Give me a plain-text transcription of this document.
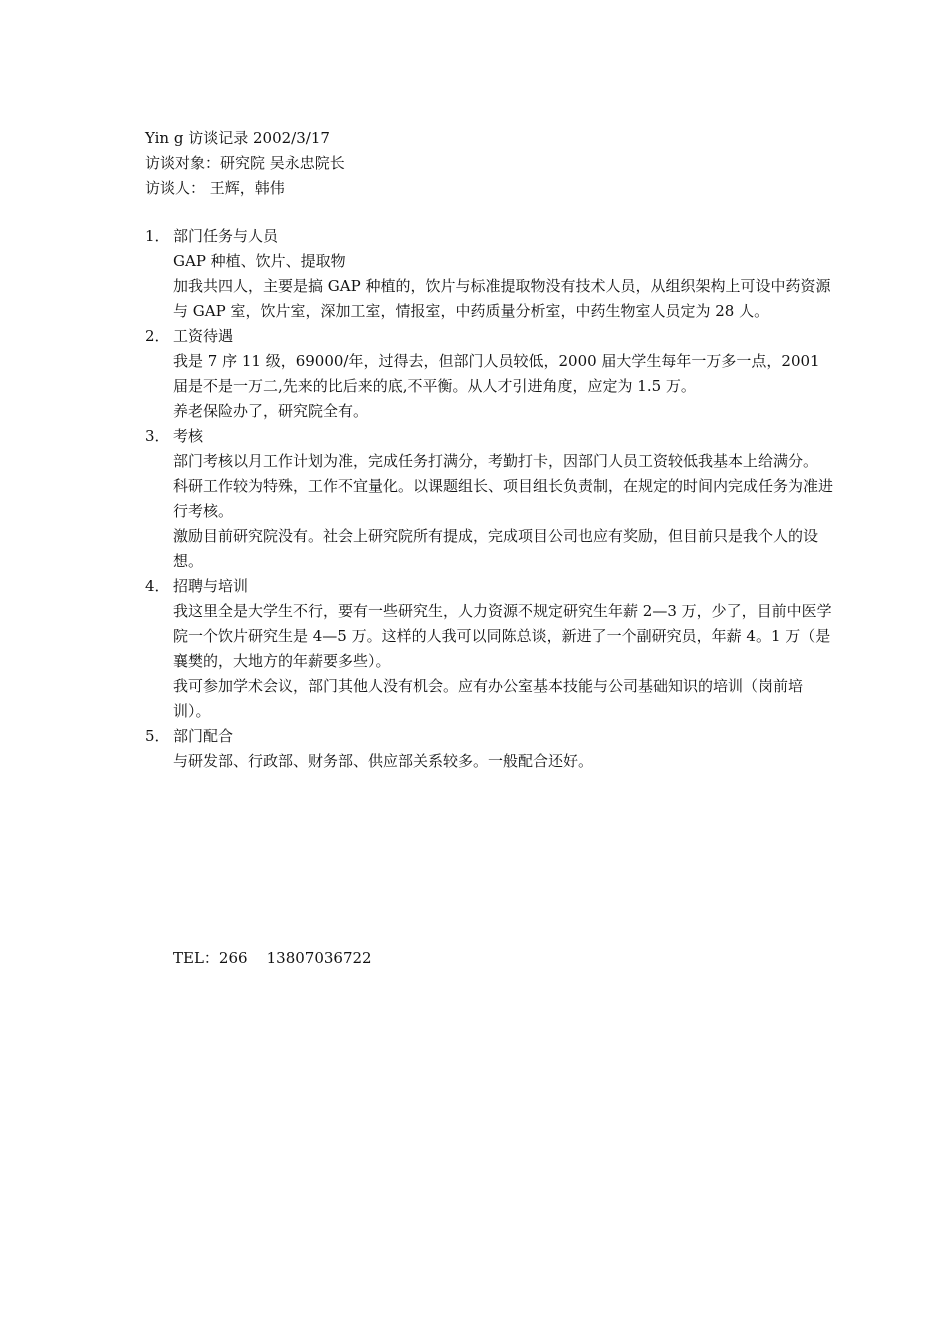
Yin g 访谈记录 2002/3/17
访谈对象：研究院 吴永忠院长
访谈人： 王辉，韩伟
1． 部门任务与人员
GAP 种植、饮片、提取物
加我共四人，主要是搞 GAP 种植的，饮片与标准提取物没有技术人员，从组织架构上可设中药资源与 GAP 室，饮片室，深加工室，情报室，中药质量分析室，中药生物室人员定为 28 人。
2． 工资待遇
我是 7 序 11 级，69000/年，过得去，但部门人员较低，2000 届大学生每年一万多一点，2001 届是不是一万二,先来的比后来的底,不平衡。从人才引进角度，应定为 1.5 万。
养老保险办了，研究院全有。
3． 考核
部门考核以月工作计划为准，完成任务打满分，考勤打卡，因部门人员工资较低我基本上给满分。
科研工作较为特殊，工作不宜量化。以课题组长、项目组长负责制，在规定的时间内完成任务为准进行考核。
激励目前研究院没有。社会上研究院所有提成，完成项目公司也应有奖励，但目前只是我个人的设想。
4． 招聘与培训
我这里全是大学生不行，要有一些研究生，人力资源不规定研究生年薪 2—3 万，少了，目前中医学院一个饮片研究生是 4—5 万。这样的人我可以同陈总谈，新进了一个副研究员，年薪 4。1 万（是襄樊的，大地方的年薪要多些）。
我可参加学术会议，部门其他人没有机会。应有办公室基本技能与公司基础知识的培训（岗前培训）。
5． 部门配合
与研发部、行政部、财务部、供应部关系较多。一般配合还好。
TEL：266    13807036722
